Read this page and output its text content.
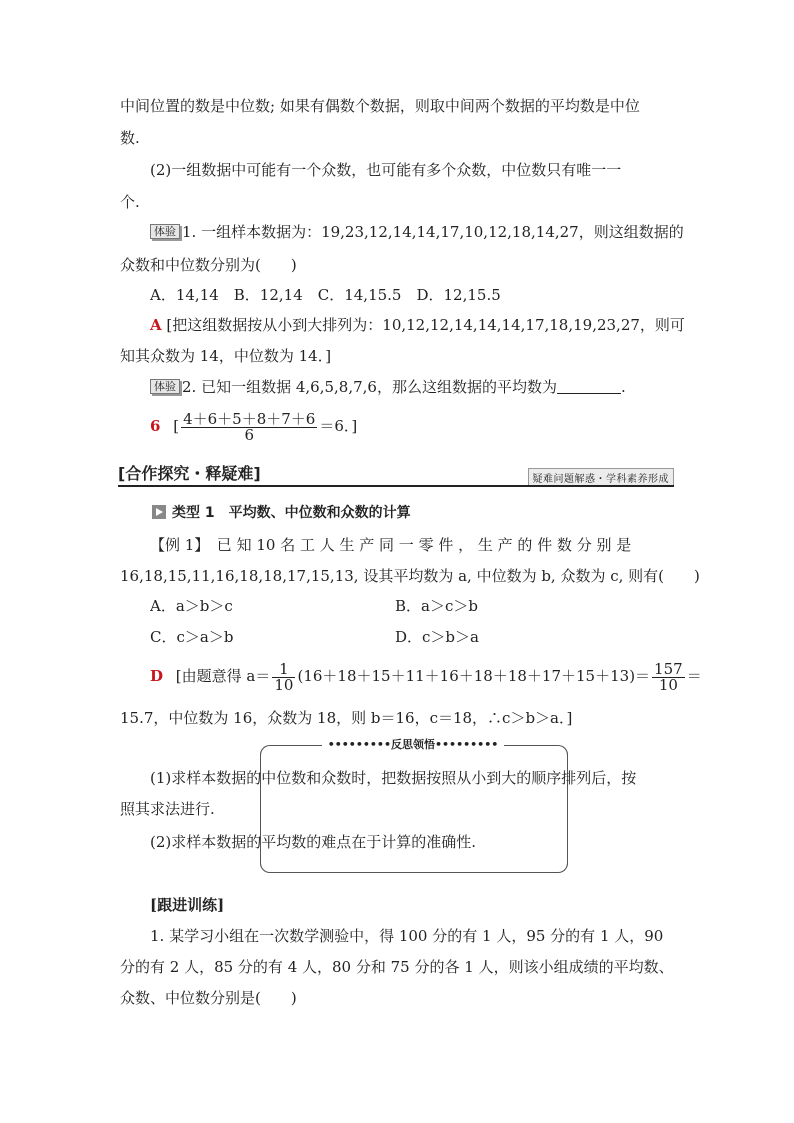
中间位置的数是中位数; 如果有偶数个数据，则取中间两个数据的平均数是中位
数.
(2)一组数据中可能有一个众数，也可能有多个众数，中位数只有唯一一
个.
体验 1. 一组样本数据为：19,23,12,14,14,17,10,12,18,14,27，则这组数据的
众数和中位数分别为(　　)
A．14,14　B．12,14　C．14,15.5　D．12,15.5
A [把这组数据按从小到大排列为：10,12,12,14,14,14,17,18,19,23,27，则可
知其众数为 14，中位数为 14．]
体验 2. 已知一组数据 4,6,5,8,7,6，那么这组数据的平均数为	.
6 [ $\frac{4+6+5+8+7+6}{6} =6$．]
[合作探究・释疑难]	疑难问题解惑・学科素养形成
类型 1　平均数、中位数和众数的计算
【例 1】　已 知 10 名 工 人 生 产 同 一 零 件 ， 生 产 的 件 数 分 别 是
16,18,15,11,16,18,18,17,15,13, 设其平均数为 a, 中位数为 b, 众数为 c, 则有(　　)
A．a＞b＞c	B．a＞c＞b
C．c＞a＞b	D．c＞b＞a
D [由题意得 $a= \frac{1}{10} (16+18+15+11+16+18+18+17+15+13)= \frac{157}{10}$ ＝
15.7，中位数为 16，众数为 18，则 b＝16，c＝18，∴c＞b＞a．]
•••••••••反思领悟•••••••••
(1)求样本数据的中位数和众数时，把数据按照从小到大的顺序排列后，按
照其求法进行.
(2)求样本数据的平均数的难点在于计算的准确性.
[跟进训练]
1. 某学习小组在一次数学测验中，得 100 分的有 1 人，95 分的有 1 人，90
分的有 2 人，85 分的有 4 人，80 分和 75 分的各 1 人，则该小组成绩的平均数、
众数、中位数分别是(　　)
